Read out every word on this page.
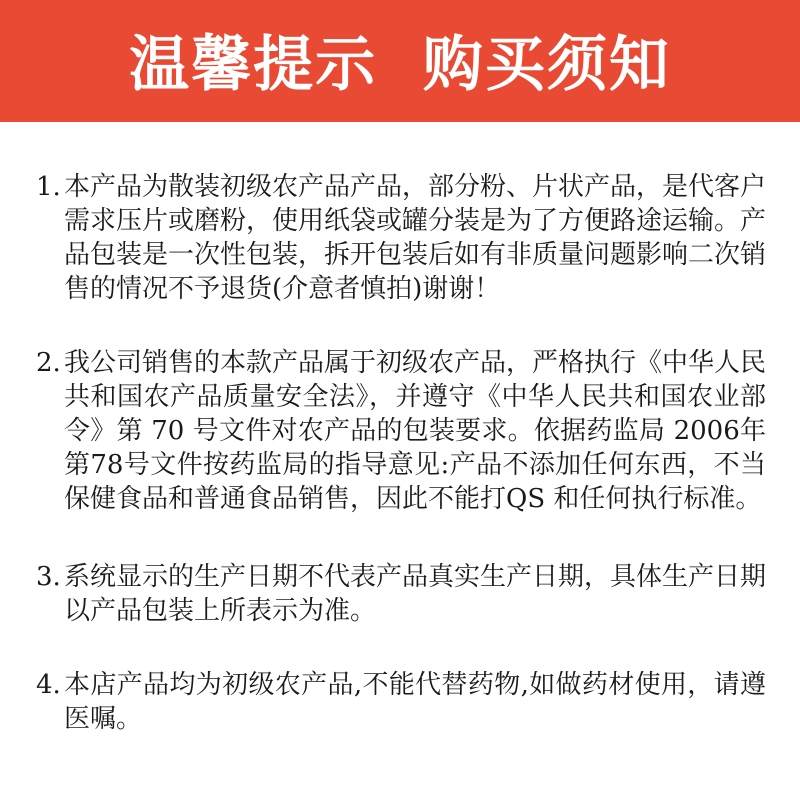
温馨提示  购买须知
1. 本产品为散装初级农产品产品，部分粉、片状产品，是代客户需求压片或磨粉，使用纸袋或罐分装是为了方便路途运输。产品包装是一次性包装，拆开包装后如有非质量问题影响二次销售的情况不予退货(介意者慎拍)谢谢！
2. 我公司销售的本款产品属于初级农产品，严格执行《中华人民共和国农产品质量安全法》，并遵守《中华人民共和国农业部令》第 70 号文件对农产品的包装要求。依据药监局 2006年第78号文件按药监局的指导意见:产品不添加任何东西，不当保健食品和普通食品销售，因此不能打QS 和任何执行标准。
3. 系统显示的生产日期不代表产品真实生产日期，具体生产日期以产品包装上所表示为准。
4. 本店产品均为初级农产品,不能代替药物,如做药材使用，请遵医嘱。
